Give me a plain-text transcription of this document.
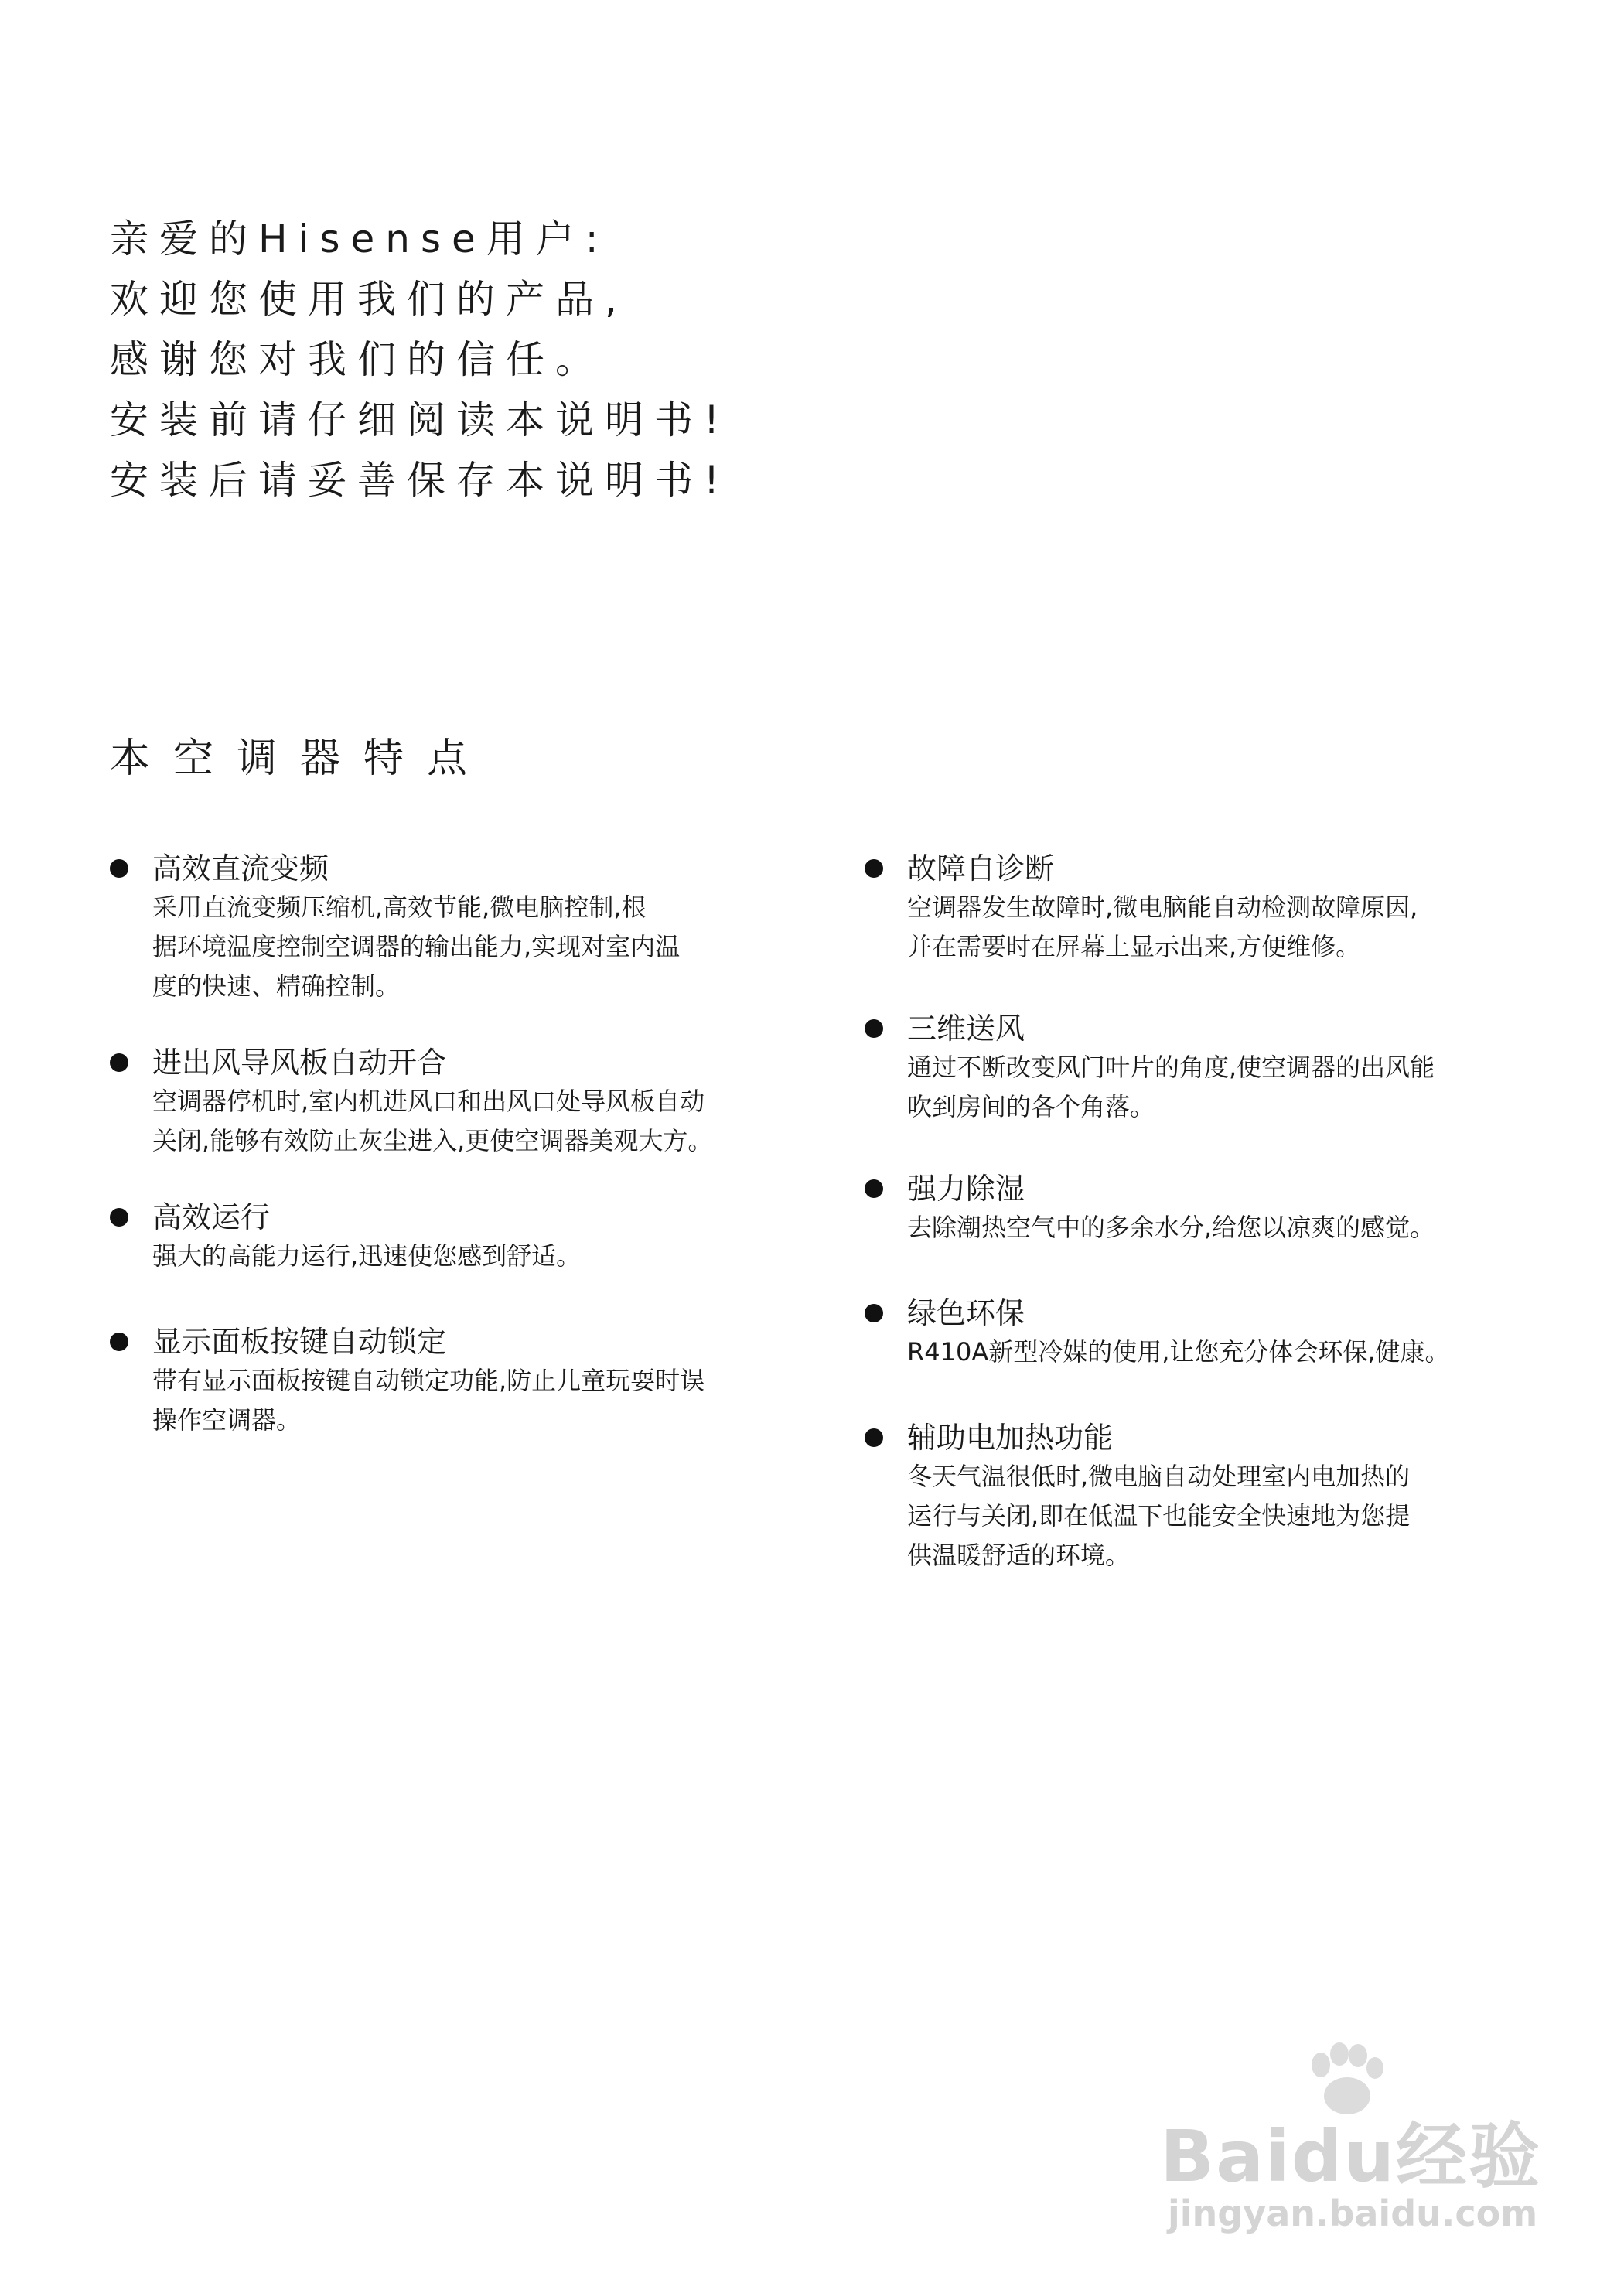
亲爱的Hisense用户:
欢迎您使用我们的产品,
感谢您对我们的信任。
安装前请仔细阅读本说明书!
安装后请妥善保存本说明书!
本空调器特点
高效直流变频
采用直流变频压缩机,高效节能,微电脑控制,根
据环境温度控制空调器的输出能力,实现对室内温
度的快速、精确控制。
进出风导风板自动开合
空调器停机时,室内机进风口和出风口处导风板自动
关闭,能够有效防止灰尘进入,更使空调器美观大方。
高效运行
强大的高能力运行,迅速使您感到舒适。
显示面板按键自动锁定
带有显示面板按键自动锁定功能,防止儿童玩耍时误
操作空调器。
故障自诊断
空调器发生故障时,微电脑能自动检测故障原因,
并在需要时在屏幕上显示出来,方便维修。
三维送风
通过不断改变风门叶片的角度,使空调器的出风能
吹到房间的各个角落。
强力除湿
去除潮热空气中的多余水分,给您以凉爽的感觉。
绿色环保
R410A新型冷媒的使用,让您充分体会环保,健康。
辅助电加热功能
冬天气温很低时,微电脑自动处理室内电加热的
运行与关闭,即在低温下也能安全快速地为您提
供温暖舒适的环境。
Baidu经验
jingyan.baidu.com
